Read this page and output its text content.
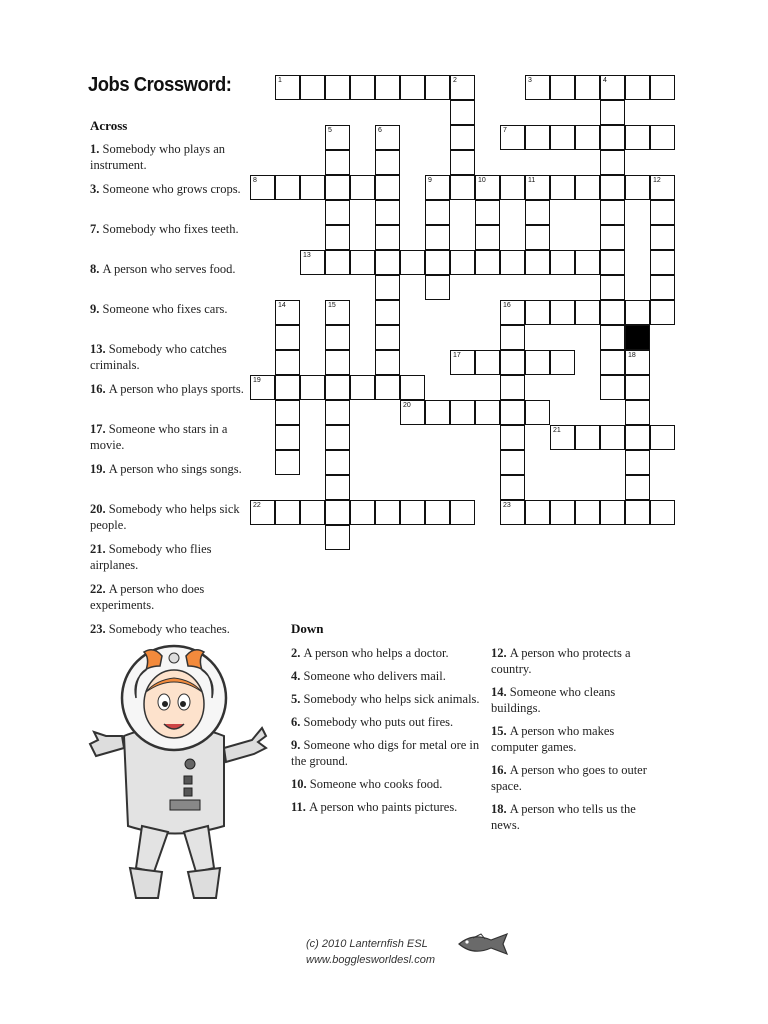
Jobs Crossword:
Across

1. Somebody who plays an instrument.

3. Someone who grows crops.

7. Somebody who fixes teeth.

8. A person who serves food.

9. Someone who fixes cars.

13. Somebody who catches criminals.

16. A person who plays sports.

17. Someone who stars in a movie.

19. A person who sings songs.

20. Somebody who helps sick people.

21. Somebody who flies airplanes.

22. A person who does experiments.

23. Somebody who teaches.	Down

2. A person who helps a doctor.

4. Someone who delivers mail.

5. Somebody who helps sick animals.

6. Somebody who puts out fires.

9. Someone who digs for metal ore in the ground.

10. Someone who cooks food.

11. A person who paints pictures.

12. A person who protects a country.

14. Someone who cleans buildings.

15. A person who makes computer games.

16. A person who goes to outer space.

18. A person who tells us the news.

1	2	3	4
7
8	9	10	11	12
13
16
17
19
20
21
22	23
5	6
14	15
18
(c) 2010 Lanternfish ESL
www.bogglesworldesl.com
